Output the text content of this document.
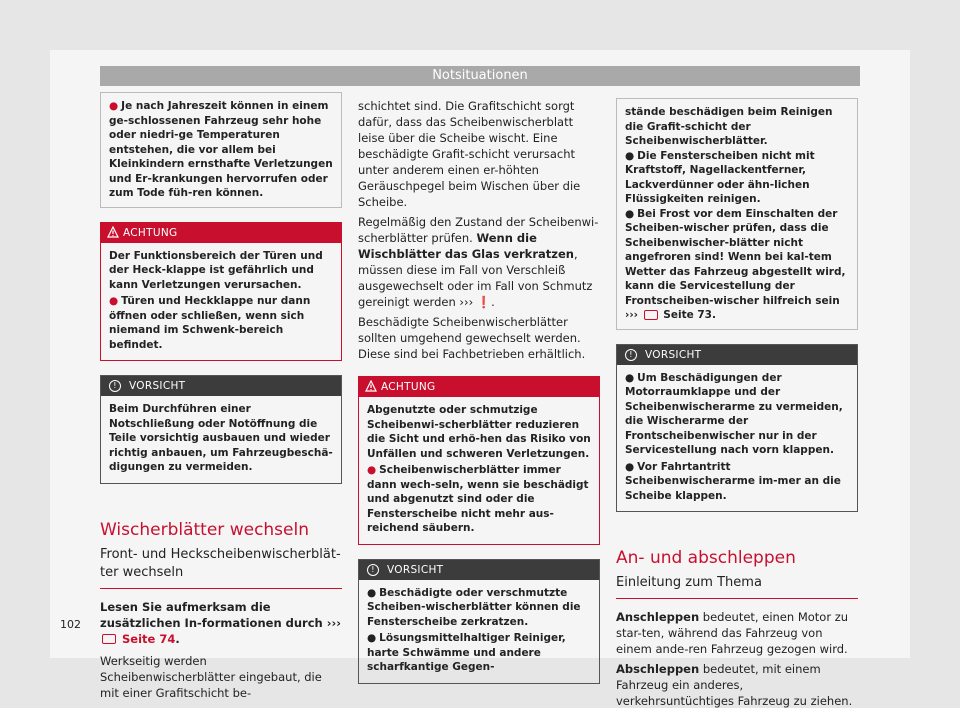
Notsituationen

● Je nach Jahreszeit können in einem ge-schlossenen Fahrzeug sehr hohe oder niedri-ge Temperaturen entstehen, die vor allem bei Kleinkindern ernsthafte Verletzungen und Er-krankungen hervorrufen oder zum Tode füh-ren können.

ACHTUNG

Der Funktionsbereich der Türen und der Heck-klappe ist gefährlich und kann Verletzungen verursachen.

● Türen und Heckklappe nur dann öffnen oder schließen, wenn sich niemand im Schwenk-bereich befindet.

!	VORSICHT

Beim Durchführen einer Notschließung oder Notöffnung die Teile vorsichtig ausbauen und wieder richtig anbauen, um Fahrzeugbeschä-digungen zu vermeiden.

Wischerblätter wechseln
Front- und Heckscheibenwischerblät-ter wechseln

Lesen Sie aufmerksam die zusätzlichen In-formationen durch ›››  Seite 74.

Werkseitig werden Scheibenwischerblätter eingebaut, die mit einer Grafitschicht be-

schichtet sind. Die Grafitschicht sorgt dafür, dass das Scheibenwischerblatt leise über die Scheibe wischt. Eine beschädigte Grafit-schicht verursacht unter anderem einen er-höhten Geräuschpegel beim Wischen über die Scheibe.

Regelmäßig den Zustand der Scheibenwi-scherblätter prüfen. Wenn die Wischblätter das Glas verkratzen, müssen diese im Fall von Verschleiß ausgewechselt oder im Fall von Schmutz gereinigt werden ››› ❗.

Beschädigte Scheibenwischerblätter sollten umgehend gewechselt werden. Diese sind bei Fachbetrieben erhältlich.

ACHTUNG

Abgenutzte oder schmutzige Scheibenwi-scherblätter reduzieren die Sicht und erhö-hen das Risiko von Unfällen und schweren Verletzungen.

● Scheibenwischerblätter immer dann wech-seln, wenn sie beschädigt und abgenutzt sind oder die Fensterscheibe nicht mehr aus-reichend säubern.

!	VORSICHT

● Beschädigte oder verschmutzte Scheiben-wischerblätter können die Fensterscheibe zerkratzen.

● Lösungsmittelhaltiger Reiniger, harte Schwämme und andere scharfkantige Gegen-

stände beschädigen beim Reinigen die Grafit-schicht der Scheibenwischerblätter.

● Die Fensterscheiben nicht mit Kraftstoff, Nagellackentferner, Lackverdünner oder ähn-lichen Flüssigkeiten reinigen.

● Bei Frost vor dem Einschalten der Scheiben-wischer prüfen, dass die Scheibenwischer-blätter nicht angefroren sind! Wenn bei kal-tem Wetter das Fahrzeug abgestellt wird, kann die Servicestellung der Frontscheiben-wischer hilfreich sein ››› Seite 73.

!	VORSICHT

● Um Beschädigungen der Motorraumklappe und der Scheibenwischerarme zu vermeiden, die Wischerarme der Frontscheibenwischer nur in der Servicestellung nach vorn klappen.

● Vor Fahrtantritt Scheibenwischerarme im-mer an die Scheibe klappen.

An- und abschleppen
Einleitung zum Thema

Anschleppen bedeutet, einen Motor zu star-ten, während das Fahrzeug von einem ande-ren Fahrzeug gezogen wird.

Abschleppen bedeutet, mit einem Fahrzeug ein anderes, verkehrsuntüchtiges Fahrzeug zu ziehen.

102
